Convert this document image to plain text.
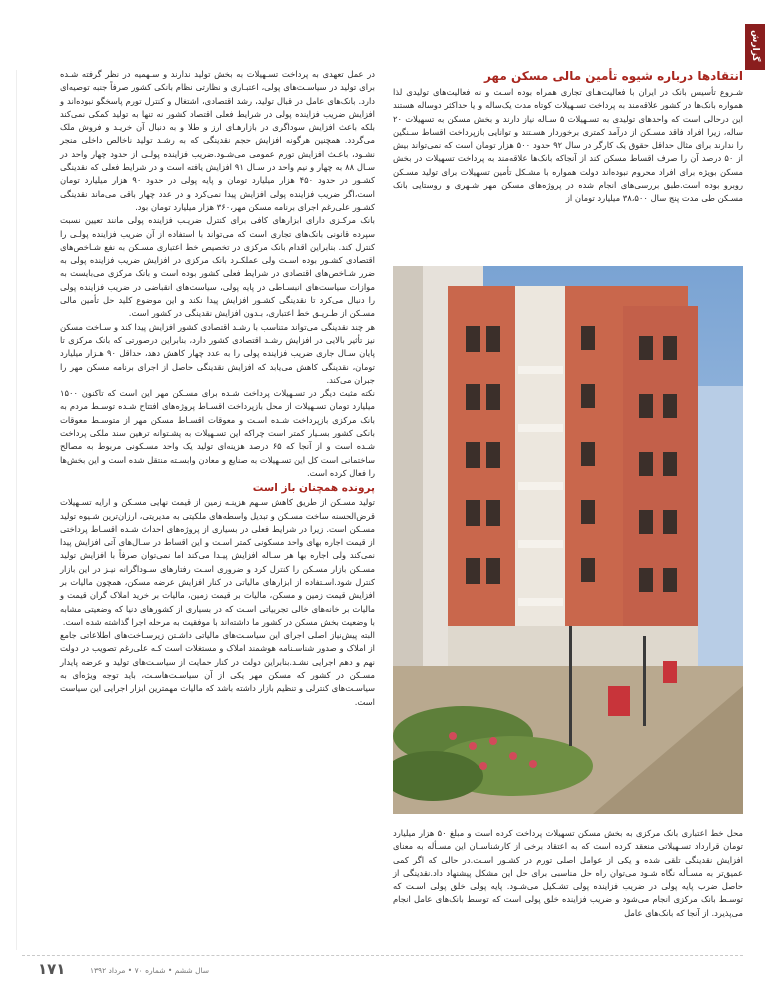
گزارش
انتقادها درباره شیوه تأمین مالی مسکن مهر

شـروع تأسیس بانک در ایران با فعالیت‌هـای تجاری همراه بوده اسـت و نه فعالیت‌های تولیدی لذا همواره بانک‌ها در کشور علاقه‌مند به پرداخت تسـهیلات کوتاه مدت یک‌ساله و یا حداکثر دوساله هستند این درحالی است که واحدهای تولیدی به تسـهیلات ۵ سـاله نیاز دارند و بخش مسکن به تسهیلات ۲۰ ساله، زیرا افراد فاقد مسـکن از درآمد کمتری برخوردار هسـتند و توانایی بازپرداخت اقساط سـنگین را ندارند برای مثال حداقل حقوق یک کارگر در سال ۹۲ حدود ۵۰۰ هزار تومان است که نمی‌تواند بیش از ۵۰ درصد آن را صرف اقساط مسکن کند از آنجاکه بانک‌ها علاقه‌مند به پرداخت تسهیلات در بخش مسکن بویژه برای افراد محروم نبوده‌اند دولت همواره با مشـکل تأمین تسهیلات برای تولید مسـکن روبرو بوده است.طبق بررسی‌های انجام شده در پروژه‌های مسکن مهر شـهری و روستایی بانک مسـکن طی مدت پنج سال ۳۸،۵۰۰ میلیارد تومان از

محل خط اعتباری بانک مرکزی به بخش مسکن تسهیلات پرداخت کرده است و مبلغ ۵۰ هزار میلیارد تومان قرارداد تسـهیلاتی منعقد کرده است که به اعتقاد برخی از کارشناسـان این مسـأله به معنای افزایش نقدینگی تلقی شده و یکی از عوامل اصلی تورم در کشـور اسـت.در حالی که اگر کمی عمیق‌تر به مسـأله نگاه شـود می‌توان راه حل مناسبی برای حل این مشکل پیشنهاد داد.نقدینگی از حاصل ضرب پایه پولی در ضریب فزاینده پولی تشـکیل می‌شـود. پایه پولی خلق پولی اسـت که توسـط بانک مرکزی انجام می‌شود و ضریب فزاینده خلق پولی است که توسط بانک‌های عامل انجام می‌پذیرد. از آنجا که بانک‌های عامل

در عمل تعهدی به پرداخت تسـهیلات به بخش تولید ندارند و سـهمیه در نظر گرفته شـده برای تولید در سیاسـت‌های پولی، اعتبـاری و نظارتی نظام بانکی کشور صرفاً جنبه توصیه‌ای دارد. بانک‌های عامل در قبال تولید، رشد اقتصادی، اشتغال و کنترل تورم پاسخگو نبوده‌اند و افزایش ضریب فزاینده پولی در شرایط فعلی اقتصاد کشور نه تنها به تولید کمکی نمی‌کند بلکه باعث افزایش سوداگری در بازارهـای ارز و طلا و به دنبال آن خریـد و فروش ملک می‌گردد. همچنین هرگونه افزایش حجم نقدینگی که به رشـد تولید ناخالص داخلی منجر نشـود، باعـث افزایش تورم عمومی می‌شـود.ضریب فزاینده پولـی از حدود چهار واحد در سـال ۸۸ به چهار و نیم واحد در سـال ۹۱ افزایش یافته است و در شرایط فعلی که نقدینگی کشـور در حدود ۴۵۰ هزار میلیارد تومان و پایه پولی در حدود ۹۰ هزار میلیارد تومان است،اگر ضریب فزاینده پولی افزایش پیدا نمی‌کرد و در عدد چهار باقی می‌ماند نقدینگی کشـور علی‌رغم اجرای برنامه مسکن مهر،۳۶۰ هزار میلیارد تومان بود.

بانک مرکـزی دارای ابزارهای کافی برای کنترل ضریـب فزاینده پولی مانند تعیین نسبت سپرده قانونی بانک‌های تجاری است که می‌تواند با استفاده از آن ضریب فزاینده پولـی را کنترل کند. بنابراین اقدام بانک مرکزی در تخصیص خط اعتباری مسـکن به نفع شـاخص‌های اقتصادی کشـور بوده اسـت ولی عملکـرد بانک مرکزی در افزایش ضریب فزاینده پولی به ضرر شـاخص‌های اقتصادی در شرایط فعلی کشور بوده است و بانک مرکزی می‌بایست به موازات سیاست‌های انبسـاطی در پایه پولی، سیاست‌های انقباضی در ضریب فزاینده پولی را دنبال می‌کرد تا نقدینگی کشـور افزایش پیدا نکند و این موضوع کلید حل تأمین مالی مسـکن از طـریـق خط اعتباری، بـدون افزایش نقدینگی در کشور است.

هر چند نقدینگی می‌تواند متناسب با رشـد اقتصادی کشور افزایش پیدا کند و سـاخت مسکن نیز تأثیر بالایی در افزایش رشـد اقتصادی کشور دارد، بنابراین درصورتی که بانک مرکزی تا پایان سـال جاری ضریب فزاینده پولی را به عدد چهار کاهش دهد، حداقل ۹۰ هـزار میلیارد تومان، نقدینگی کاهش می‌یابد که افزایش نقدینگی حاصل از اجرای برنامه مسکن مهر را جبران می‌کند.

نکته مثبت دیگر در تسـهیلات پرداخت شـده برای مسـکن مهر این است که تاکنون ۱۵۰۰ میلیارد تومان تسـهیلات از محل بازپرداخت اقسـاط پروژه‌های افتتاح شـده توسـط مردم به بانک مرکزی بازپرداخت شـده اسـت و معوقات اقسـاط مسکن مهر از متوسـط معوقات بانکی کشور بسـیار کمتر است چراکه این تسـهیلات به پشـتوانه ترهین سند ملکی پرداخت شـده است و از آنجا که ۶۵ درصد هزینه‌ای تولید یک واحد مسـکونی مربوط به مصالح ساختمانی است کل این تسـهیلات به صنایع و معادن وابسـته منتقل شده است و این بخش‌ها را فعال کرده است.

پرونده همچنان باز است

تولید مسـکن از طریق کاهش سـهم هزینـه زمین از قیمت نهایی مسـکن و ارایه تسـهیلات قرض‌الحسنه ساخت مسـکن و تبدیل واسطه‌های ملکیتی به مدیریتی، ارزان‌ترین شـیوه تولید مسـکن است. زیرا در شرایط فعلی در بسیاری از پروژه‌های احداث شـده اقسـاط پرداختی از قیمت اجاره بهای واحد مسکونی کمتر اسـت و این اقساط در سـال‌های آتی افزایش پیدا نمی‌کند ولی اجاره بها هر سـاله افزایش پیـدا می‌کند اما نمی‌توان صرفاً با افزایش تولید مسـکن بازار مسـکن را کنترل کرد و ضروری اسـت رفتارهای سـوداگرانه نیـز در این بازار کنترل شود.اسـتفاده از ابزارهای مالیاتی در کنار افزایش عرضه مسکن، همچون مالیات بر افزایش قیمت زمین و مسکن، مالیات بر قیمت زمین، مالیات بر خرید املاک گران قیمت و مالیات بر خانه‌های خالی تجربیاتی اسـت که در بسیاری از کشورهای دنیا که وضعیتی مشابه با وضعیت بخش مسکن در کشور ما داشته‌اند با موفقیت به مرحله اجرا گذاشته شده است.

البته پیش‌نیاز اصلی اجرای این سیاسـت‌های مالیاتی داشـتن زیرسـاخت‌های اطلاعاتی جامع از املاک و صدور شناسـنامه هوشمند املاک و مستغلات است کـه علی‌رغم تصویب در دولت نهم و دهم اجرایی نشـد.بنابراین دولت در کنار حمایت از سیاسـت‌های تولید و عرضه پایدار مسـکن در کشور که مسکن مهر یکی از آن سیاسـت‌هاسـت، باید توجه ویژه‌ای به سیاسـت‌های کنترلی و تنظیم بازار داشته باشد که مالیات مهمترین ابزار اجرایی این سیاست است.

۱۷۱	سال ششم • شماره ۷۰ • مرداد ۱۳۹۲
